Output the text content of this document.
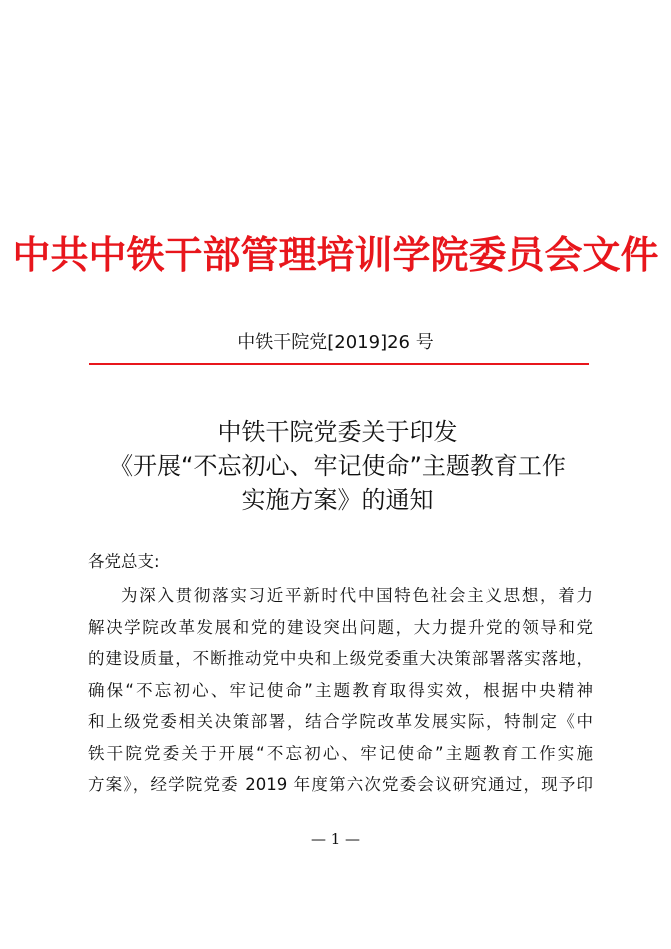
中共中铁干部管理培训学院委员会文件
中铁干院党[2019]26 号
中铁干院党委关于印发
《开展“不忘初心、牢记使命”主题教育工作
实施方案》的通知
各党总支:
为深入贯彻落实习近平新时代中国特色社会主义思想，着力
解决学院改革发展和党的建设突出问题，大力提升党的领导和党
的建设质量，不断推动党中央和上级党委重大决策部署落实落地，
确保“不忘初心、牢记使命”主题教育取得实效，根据中央精神
和上级党委相关决策部署，结合学院改革发展实际，特制定《中
铁干院党委关于开展“不忘初心、牢记使命”主题教育工作实施
方案》，经学院党委 2019 年度第六次党委会议研究通过，现予印
— 1 —
